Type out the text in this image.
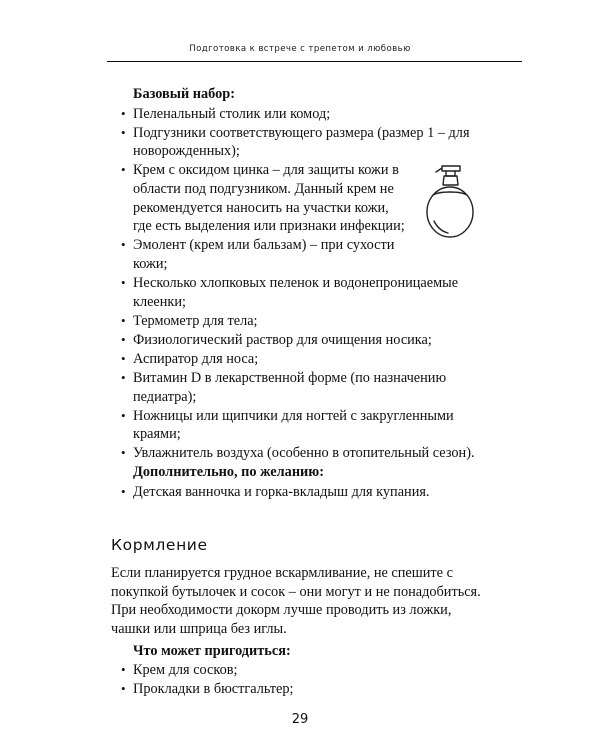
Подготовка к встрече с трепетом и любовью
Базовый набор:
• Пеленальный столик или комод;
• Подгузники соответствующего размера (размер 1 – для новорожденных);
• Крем с оксидом цинка – для защиты кожи в области под подгузником. Данный крем не рекомендуется наносить на участки кожи, где есть выделения или признаки инфекции;
• Эмолент (крем или бальзам) – при сухости кожи;
• Несколько хлопковых пеленок и водонепроницаемые клеенки;
• Термометр для тела;
• Физиологический раствор для очищения носика;
• Аспиратор для носа;
• Витамин D в лекарственной форме (по назначению педиатра);
• Ножницы или щипчики для ногтей с закругленными краями;
• Увлажнитель воздуха (особенно в отопительный сезон).
Дополнительно, по желанию:
• Детская ванночка и горка-вкладыш для купания.
Кормление

Если планируется грудное вскармливание, не спешите с покупкой бутылочек и сосок – они могут и не понадобиться. При необходимости докорм лучше проводить из ложки, чашки или шприца без иглы.

Что может пригодиться:
• Крем для сосков;
• Прокладки в бюстгальтер;
29
